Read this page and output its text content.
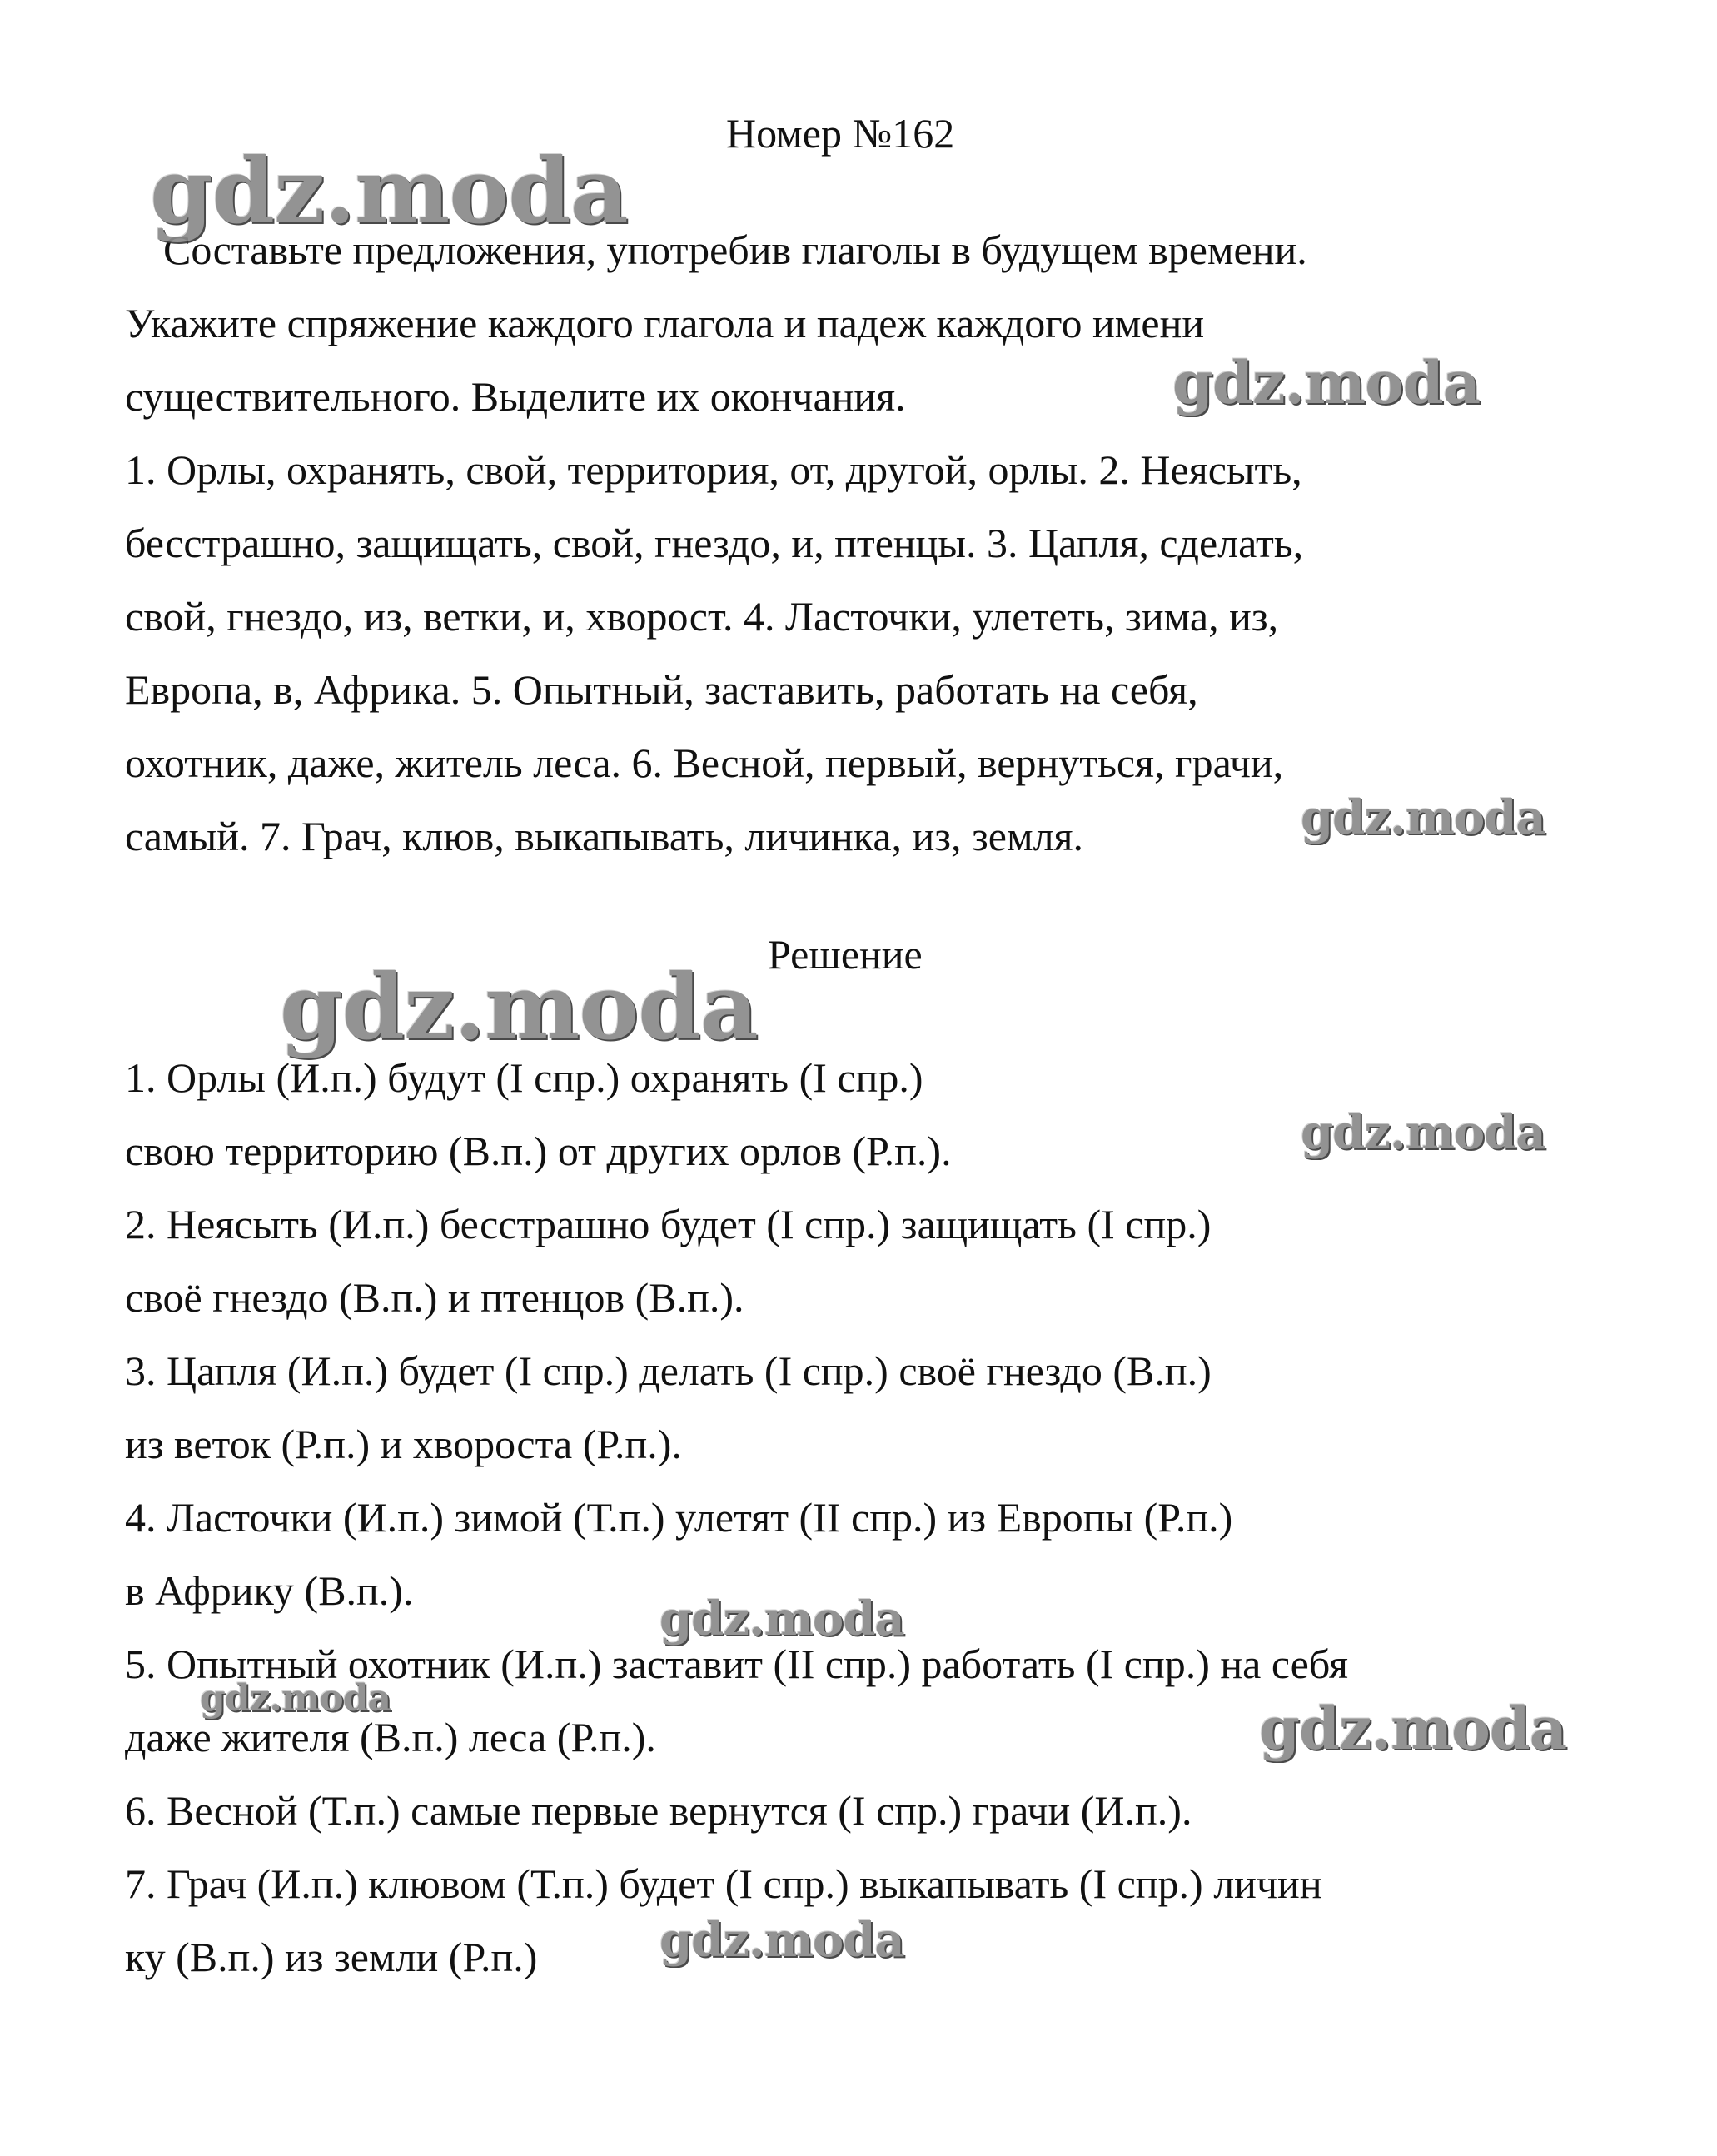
Номер №162
Составьте предложения, употребив глаголы в будущем времени.
Укажите спряжение каждого глагола и падеж каждого имени
существительного. Выделите их окончания.
1. Орлы, охранять, свой, территория, от, другой, орлы. 2. Неясыть,
бесстрашно, защищать, свой, гнездо, и, птенцы. 3. Цапля, сделать,
свой, гнездо, из, ветки, и, хворост. 4. Ласточки, улететь, зима, из,
Европа, в, Африка. 5. Опытный, заставить, работать на себя,
охотник, даже, житель леса. 6. Весной, первый, вернуться, грачи,
самый. 7. Грач, клюв, выкапывать, личинка, из, земля.
Решение
1. Орлы (И.п.) будут (I спр.) охранять (I спр.)
свою территорию (В.п.) от других орлов (Р.п.).
2. Неясыть (И.п.) бесстрашно будет (I спр.) защищать (I спр.)
своё гнездо (В.п.) и птенцов (В.п.).
3. Цапля (И.п.) будет (I спр.) делать (I спр.) своё гнездо (В.п.)
из веток (Р.п.) и хвороста (Р.п.).
4. Ласточки (И.п.) зимой (Т.п.) улетят (II спр.) из Европы (Р.п.)
в Африку (В.п.).
5. Опытный охотник (И.п.) заставит (II спр.) работать (I спр.) на себя
даже жителя (В.п.) леса (Р.п.).
6. Весной (Т.п.) самые первые вернутся (I спр.) грачи (И.п.).
7. Грач (И.п.) клювом (Т.п.) будет (I спр.) выкапывать (I спр.) личин
ку (В.п.) из земли (Р.п.)
gdz.moda
gdz.moda
gdz.moda
gdz.moda
gdz.moda
gdz.moda
gdz.moda	gdz.moda
gdz.moda
